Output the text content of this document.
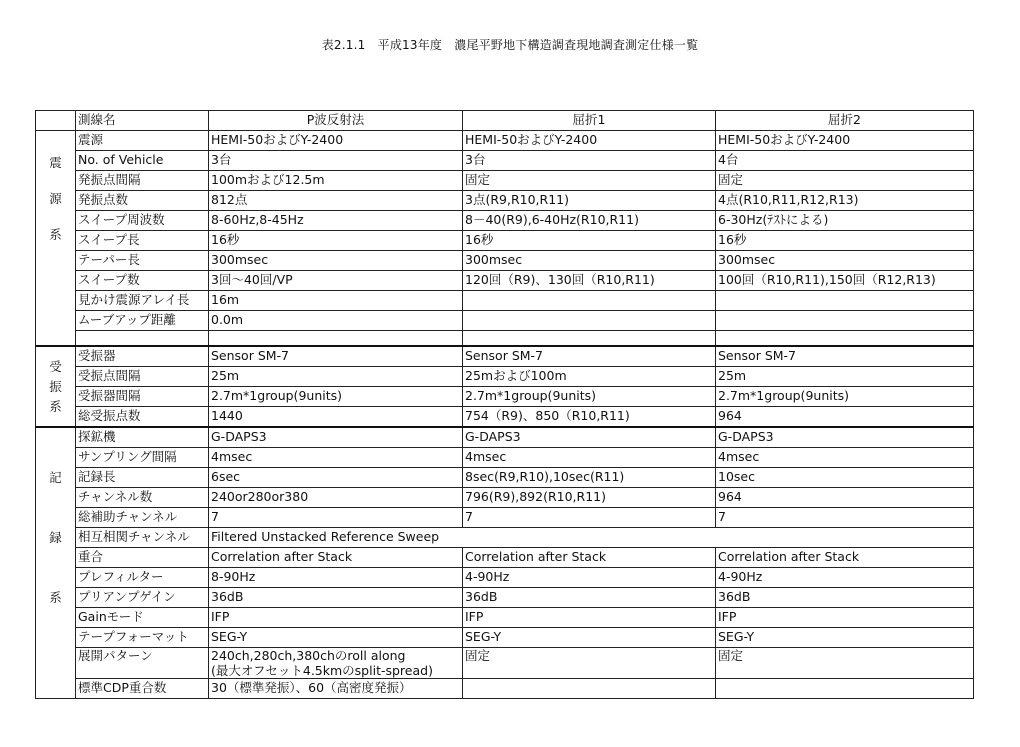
表2.1.1　平成13年度　濃尾平野地下構造調査現地調査測定仕様一覧
	測線名	P波反射法	屈折1	屈折2

震
源
系	震源	HEMI-50およびY-2400	HEMI-50およびY-2400	HEMI-50およびY-2400
	No. of Vehicle	3台	3台	4台
	発振点間隔	100mおよび12.5m	固定	固定
	発振点数	812点	3点(R9,R10,R11)	4点(R10,R11,R12,R13)
	スイープ周波数	8-60Hz,8-45Hz	8－40(R9),6-40Hz(R10,R11)	6-30Hz(ﾃｽﾄによる)
	スイープ長	16秒	16秒	16秒
	テーパー長	300msec	300msec	300msec
	スイープ数	3回～40回/VP	120回（R9)、130回（R10,R11)	100回（R10,R11),150回（R12,R13)
	見かけ震源アレイ長	16m		
	ムーブアップ距離	0.0m		

受
振
系	受振器	Sensor SM-7	Sensor SM-7	Sensor SM-7
	受振点間隔	25m	25mおよび100m	25m
	受振器間隔	2.7m*1group(9units)	2.7m*1group(9units)	2.7m*1group(9units)
	総受振点数	1440	754（R9)、850（R10,R11)	964

記
録
系	探鉱機	G-DAPS3	G-DAPS3	G-DAPS3
	サンプリング間隔	4msec	4msec	4msec
	記録長	6sec	8sec(R9,R10),10sec(R11)	10sec
	チャンネル数	240or280or380	796(R9),892(R10,R11)	964
	総補助チャンネル	7	7	7
	相互相関チャンネル	Filtered Unstacked Reference Sweep		
	重合	Correlation after Stack	Correlation after Stack	Correlation after Stack
	プレフィルター	8-90Hz	4-90Hz	4-90Hz
	プリアンプゲイン	36dB	36dB	36dB
	Gainモード	IFP	IFP	IFP
	テープフォーマット	SEG-Y	SEG-Y	SEG-Y
	展開パターン	240ch,280ch,380chのroll along
(最大オフセット4.5kmのsplit-spread)	固定	固定
	標準CDP重合数	30（標準発振）、60（高密度発振）		
